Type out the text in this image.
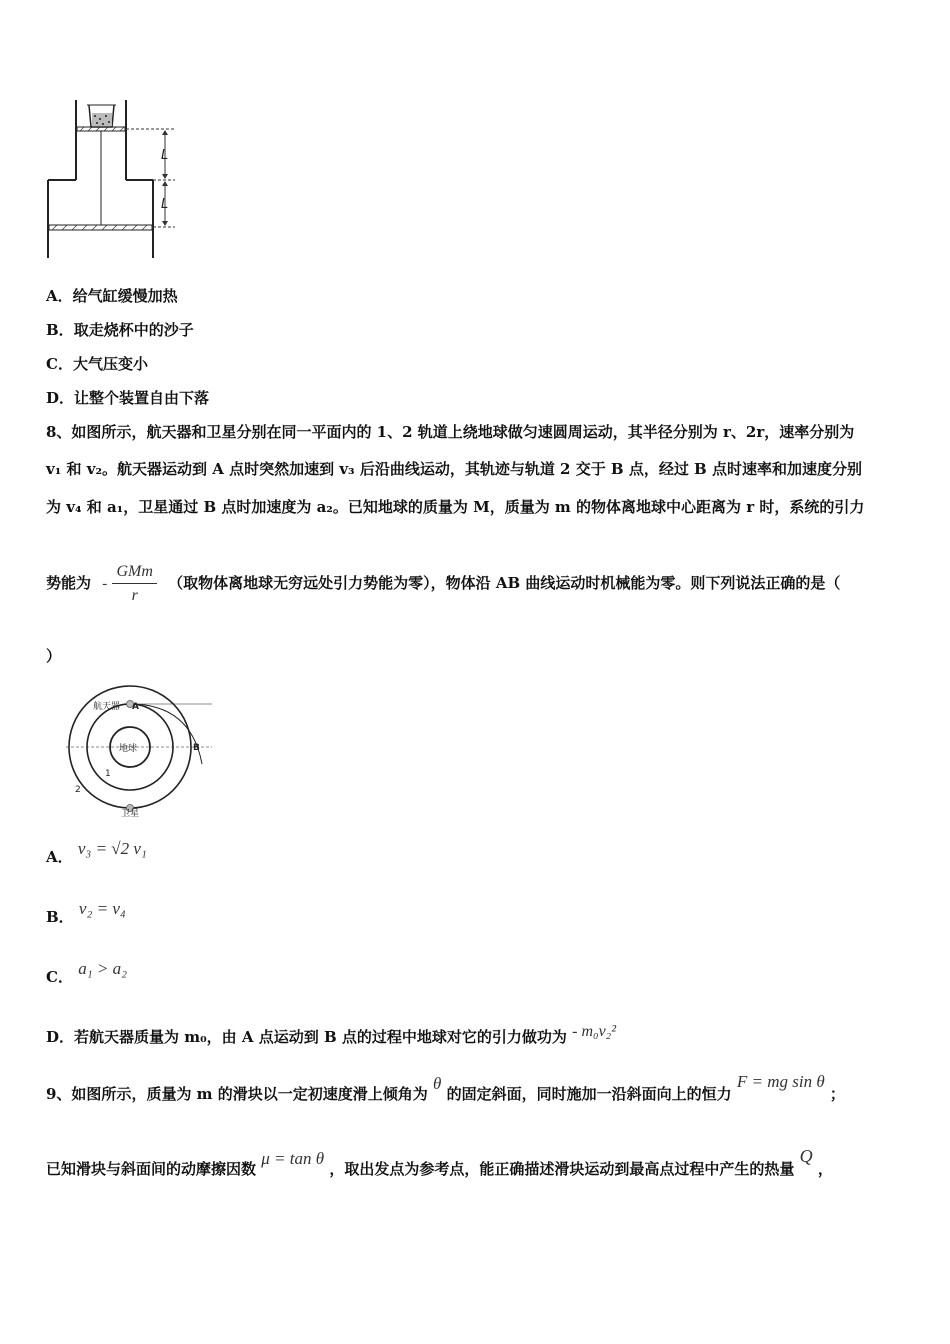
L
L
A．给气缸缓慢加热
B．取走烧杯中的沙子
C．大气压变小
D．让整个装置自由下落
8、如图所示，航天器和卫星分别在同一平面内的 1、2 轨道上绕地球做匀速圆周运动，其半径分别为 r、2r，速率分别为
v₁ 和 v₂。航天器运动到 A 点时突然加速到 v₃ 后沿曲线运动，其轨迹与轨道 2 交于 B 点，经过 B 点时速率和加速度分别
为 v₄ 和 a₁，卫星通过 B 点时加速度为 a₂。已知地球的质量为 M，质量为 m 的物体离地球中心距离为 r 时，系统的引力
势能为 - $\frac{\text{GMm}}{r}$ （取物体离地球无穷远处引力势能为零），物体沿 AB 曲线运动时机械能为零。则下列说法正确的是（
）
航天器 A
B
地球
1
2
卫星
A． v₃ = √2 v₁
B． v₂ = v₄
C． a₁ > a₂
D．若航天器质量为 m₀，由 A 点运动到 B 点的过程中地球对它的引力做功为 - m₀v₂²
9、如图所示，质量为 m 的滑块以一定初速度滑上倾角为 θ 的固定斜面，同时施加一沿斜面向上的恒力 F = mg sin θ ；
已知滑块与斜面间的动摩擦因数 μ = tan θ ，取出发点为参考点，能正确描述滑块运动到最高点过程中产生的热量 Q ，
